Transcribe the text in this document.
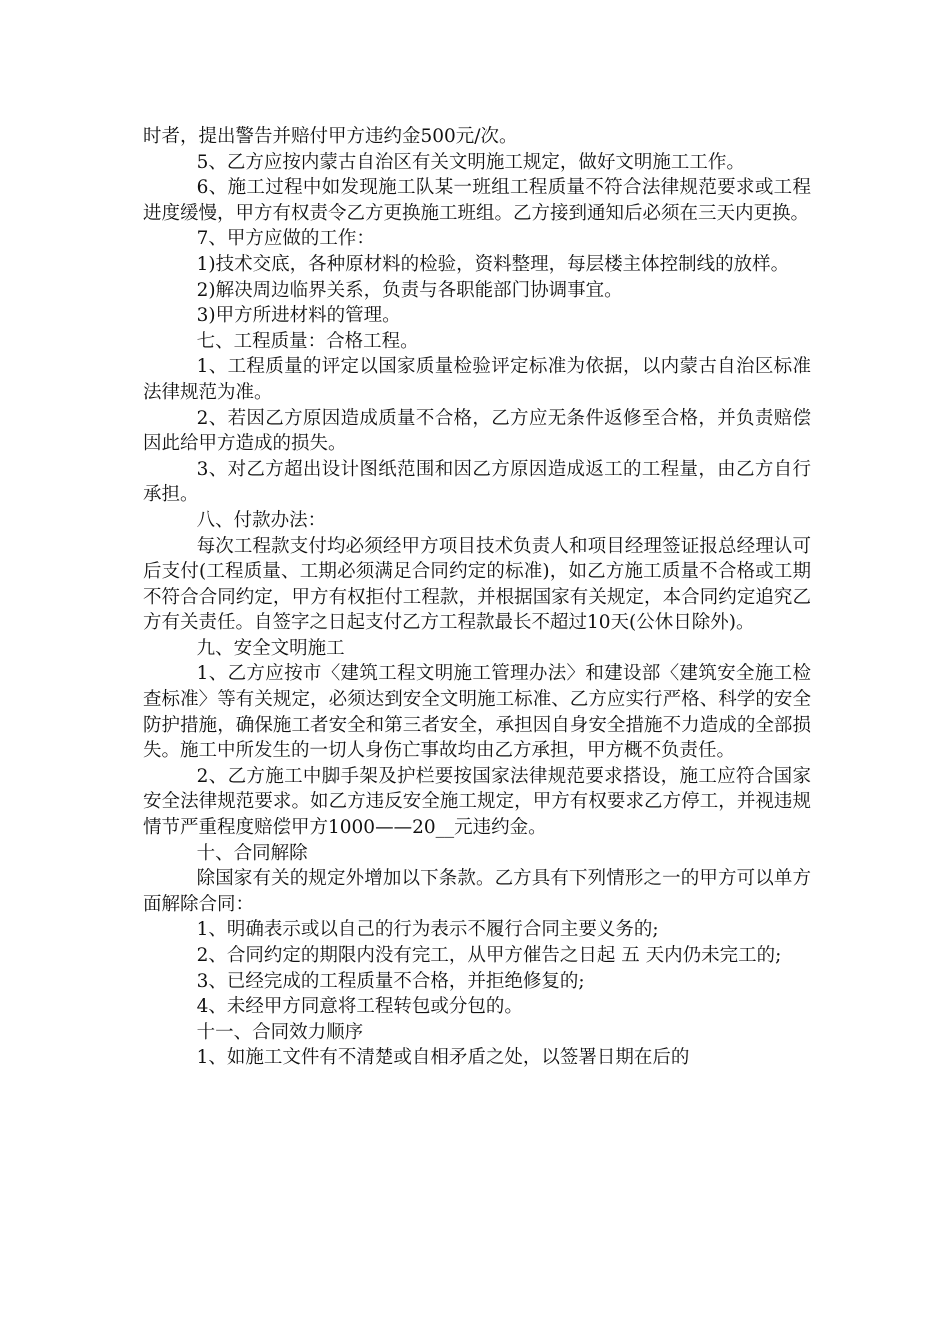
时者，提出警告并赔付甲方违约金500元/次。

5、乙方应按内蒙古自治区有关文明施工规定，做好文明施工工作。

6、施工过程中如发现施工队某一班组工程质量不符合法律规范要求或工程进度缓慢，甲方有权责令乙方更换施工班组。乙方接到通知后必须在三天内更换。

7、甲方应做的工作：

1)技术交底，各种原材料的检验，资料整理，每层楼主体控制线的放样。

2)解决周边临界关系，负责与各职能部门协调事宜。

3)甲方所进材料的管理。

七、工程质量：合格工程。

1、工程质量的评定以国家质量检验评定标准为依据，以内蒙古自治区标准法律规范为准。

2、若因乙方原因造成质量不合格，乙方应无条件返修至合格，并负责赔偿因此给甲方造成的损失。

3、对乙方超出设计图纸范围和因乙方原因造成返工的工程量，由乙方自行承担。

八、付款办法：

每次工程款支付均必须经甲方项目技术负责人和项目经理签证报总经理认可后支付(工程质量、工期必须满足合同约定的标准)，如乙方施工质量不合格或工期不符合合同约定，甲方有权拒付工程款，并根据国家有关规定，本合同约定追究乙方有关责任。自签字之日起支付乙方工程款最长不超过10天(公休日除外)。

九、安全文明施工

1、乙方应按市〈建筑工程文明施工管理办法〉和建设部〈建筑安全施工检查标准〉等有关规定，必须达到安全文明施工标准、乙方应实行严格、科学的安全防护措施，确保施工者安全和第三者安全，承担因自身安全措施不力造成的全部损失。施工中所发生的一切人身伤亡事故均由乙方承担，甲方概不负责任。

2、乙方施工中脚手架及护栏要按国家法律规范要求搭设，施工应符合国家安全法律规范要求。如乙方违反安全施工规定，甲方有权要求乙方停工，并视违规情节严重程度赔偿甲方1000——20__元违约金。

十、合同解除

除国家有关的规定外增加以下条款。乙方具有下列情形之一的甲方可以单方面解除合同：

1、明确表示或以自己的行为表示不履行合同主要义务的;

2、合同约定的期限内没有完工，从甲方催告之日起 五 天内仍未完工的;

3、已经完成的工程质量不合格，并拒绝修复的;

4、未经甲方同意将工程转包或分包的。

十一、合同效力顺序

1、如施工文件有不清楚或自相矛盾之处，以签署日期在后的
